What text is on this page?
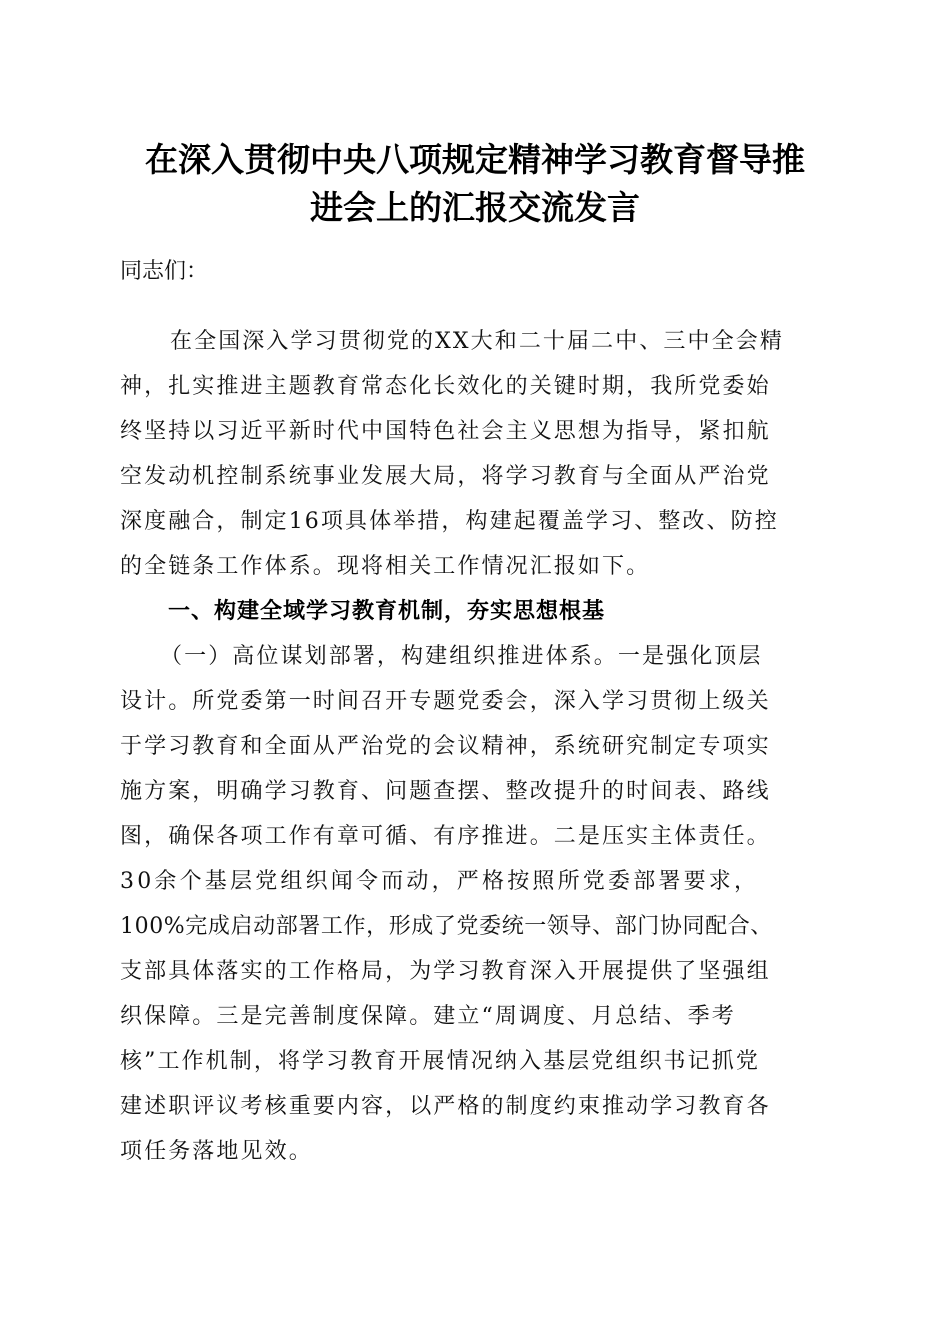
在深入贯彻中央八项规定精神学习教育督导推
进会上的汇报交流发言
同志们：
在全国深入学习贯彻党的XX大和二十届二中、三中全会精
神，扎实推进主题教育常态化长效化的关键时期，我所党委始
终坚持以习近平新时代中国特色社会主义思想为指导，紧扣航
空发动机控制系统事业发展大局，将学习教育与全面从严治党
深度融合，制定16项具体举措，构建起覆盖学习、整改、防控
的全链条工作体系。现将相关工作情况汇报如下。
一、构建全域学习教育机制，夯实思想根基
（一）高位谋划部署，构建组织推进体系。一是强化顶层
设计。所党委第一时间召开专题党委会，深入学习贯彻上级关
于学习教育和全面从严治党的会议精神，系统研究制定专项实
施方案，明确学习教育、问题查摆、整改提升的时间表、路线
图，确保各项工作有章可循、有序推进。二是压实主体责任。
30余个基层党组织闻令而动，严格按照所党委部署要求，
100%完成启动部署工作，形成了党委统一领导、部门协同配合、
支部具体落实的工作格局，为学习教育深入开展提供了坚强组
织保障。三是完善制度保障。建立“周调度、月总结、季考
核”工作机制，将学习教育开展情况纳入基层党组织书记抓党
建述职评议考核重要内容，以严格的制度约束推动学习教育各
项任务落地见效。
